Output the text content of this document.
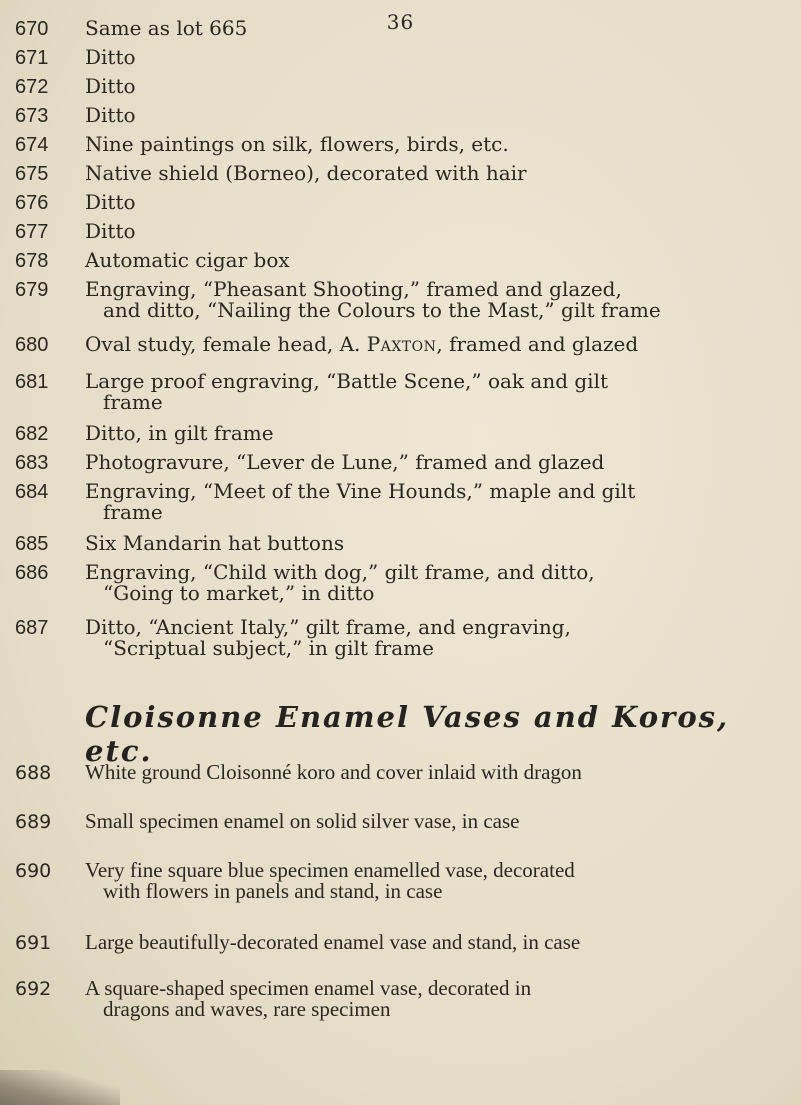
36
670	Same as lot 665
671	Ditto
672	Ditto
673	Ditto
674	Nine paintings on silk, flowers, birds, etc.
675	Native shield (Borneo), decorated with hair
676	Ditto
677	Ditto
678	Automatic cigar box
679	Engraving, “Pheasant Shooting,” framed and glazed,
and ditto, “Nailing the Colours to the Mast,” gilt frame
680	Oval study, female head, A. Paxton, framed and glazed
681	Large proof engraving, “Battle Scene,” oak and gilt
frame
682	Ditto, in gilt frame
683	Photogravure, “Lever de Lune,” framed and glazed
684	Engraving, “Meet of the Vine Hounds,” maple and gilt
frame
685	Six Mandarin hat buttons
686	Engraving, “Child with dog,” gilt frame, and ditto,
“Going to market,” in ditto
687	Ditto, “Ancient Italy,” gilt frame, and engraving,
“Scriptual subject,” in gilt frame
Cloisonne Enamel Vases and Koros, etc.
688	White ground Cloisonné koro and cover inlaid with dragon
689	Small specimen enamel on solid silver vase, in case
690	Very fine square blue specimen enamelled vase, decorated
with flowers in panels and stand, in case
691	Large beautifully-decorated enamel vase and stand, in case
692	A square-shaped specimen enamel vase, decorated in
dragons and waves, rare specimen
